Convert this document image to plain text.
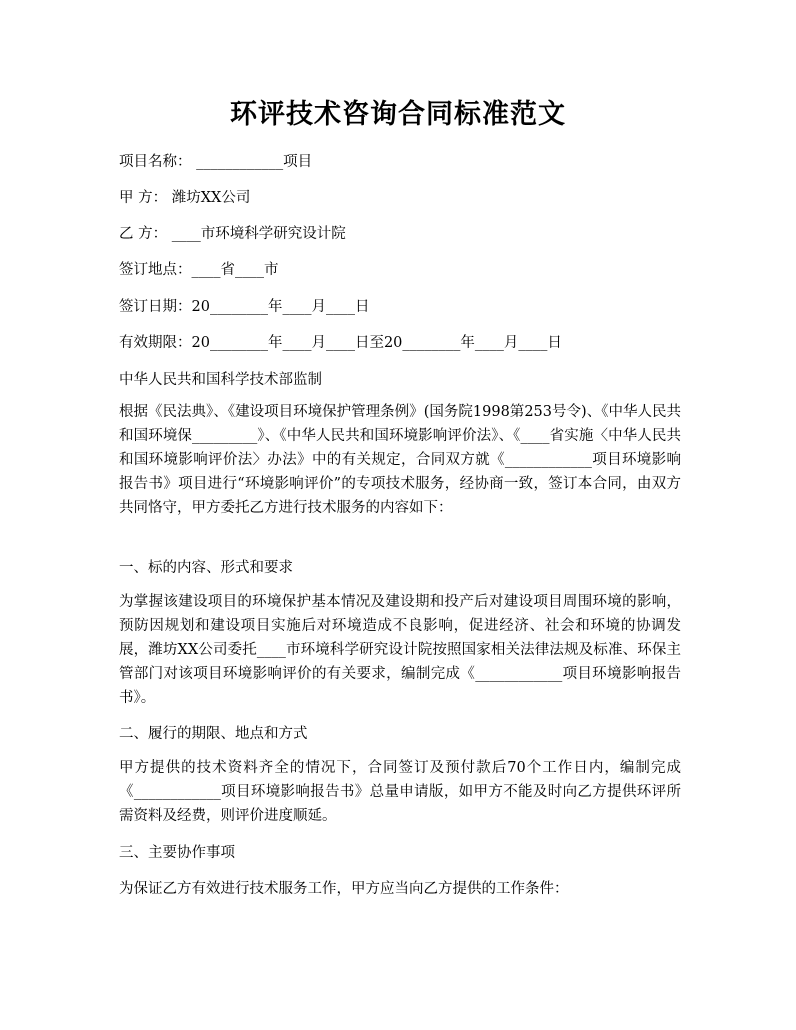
环评技术咨询合同标准范文

项目名称： ____________项目

甲 方： 潍坊XX公司

乙 方： ____市环境科学研究设计院

签订地点：____省____市

签订日期：20________年____月____日

有效期限：20________年____月____日至20________年____月____日

中华人民共和国科学技术部监制

根据《民法典》、《建设项目环境保护管理条例》(国务院1998第253号令)、《中华人民共和国环境保_________》、《中华人民共和国环境影响评价法》、《____省实施〈中华人民共和国环境影响评价法〉办法》中的有关规定，合同双方就《____________项目环境影响报告书》项目进行“环境影响评价”的专项技术服务，经协商一致，签订本合同，由双方共同恪守，甲方委托乙方进行技术服务的内容如下：

一、标的内容、形式和要求

为掌握该建设项目的环境保护基本情况及建设期和投产后对建设项目周围环境的影响，预防因规划和建设项目实施后对环境造成不良影响，促进经济、社会和环境的协调发展，潍坊XX公司委托____市环境科学研究设计院按照国家相关法律法规及标准、环保主管部门对该项目环境影响评价的有关要求，编制完成《____________项目环境影响报告书》。

二、履行的期限、地点和方式

甲方提供的技术资料齐全的情况下，合同签订及预付款后70个工作日内，编制完成《____________项目环境影响报告书》总量申请版，如甲方不能及时向乙方提供环评所需资料及经费，则评价进度顺延。

三、主要协作事项

为保证乙方有效进行技术服务工作，甲方应当向乙方提供的工作条件：
